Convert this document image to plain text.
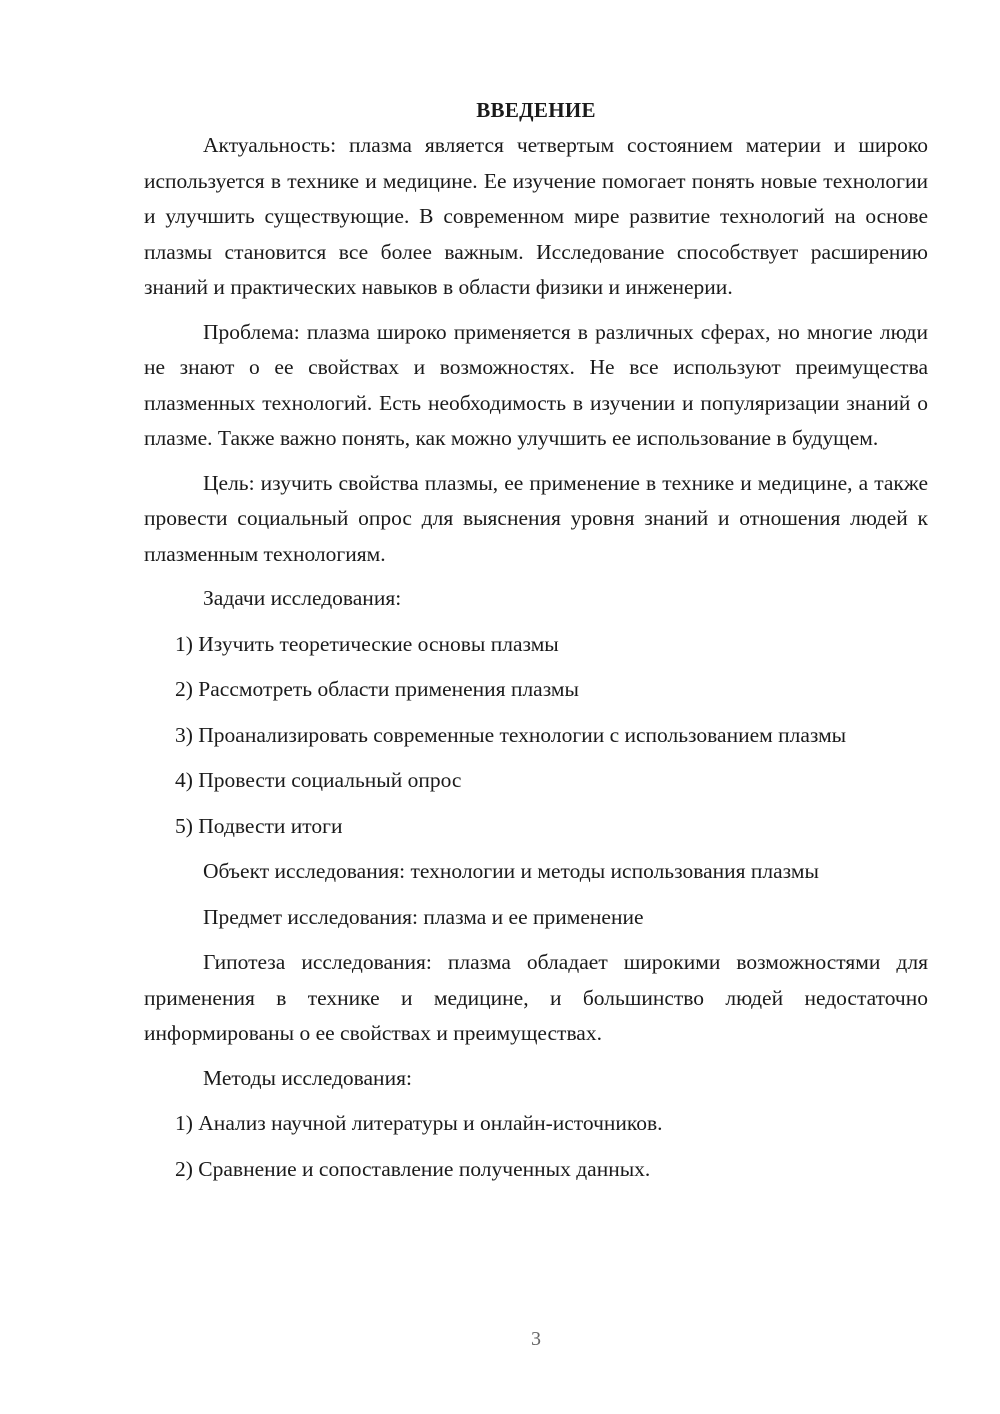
ВВЕДЕНИЕ

Актуальность: плазма является четвертым состоянием материи и широко используется в технике и медицине. Ее изучение помогает понять новые технологии и улучшить существующие. В современном мире развитие технологий на основе плазмы становится все более важным. Исследование способствует расширению знаний и практических навыков в области физики и инженерии.

Проблема: плазма широко применяется в различных сферах, но многие люди не знают о ее свойствах и возможностях. Не все используют преимущества плазменных технологий. Есть необходимость в изучении и популяризации знаний о плазме. Также важно понять, как можно улучшить ее использование в будущем.

Цель: изучить свойства плазмы, ее применение в технике и медицине, а также провести социальный опрос для выяснения уровня знаний и отношения людей к плазменным технологиям.

Задачи исследования:

1) Изучить теоретические основы плазмы

2) Рассмотреть области применения плазмы

3) Проанализировать современные технологии с использованием плазмы

4) Провести социальный опрос

5) Подвести итоги

Объект исследования: технологии и методы использования плазмы

Предмет исследования: плазма и ее применение

Гипотеза исследования: плазма обладает широкими возможностями для применения в технике и медицине, и большинство людей недостаточно информированы о ее свойствах и преимуществах.

Методы исследования:

1) Анализ научной литературы и онлайн-источников.

2) Сравнение и сопоставление полученных данных.

3
